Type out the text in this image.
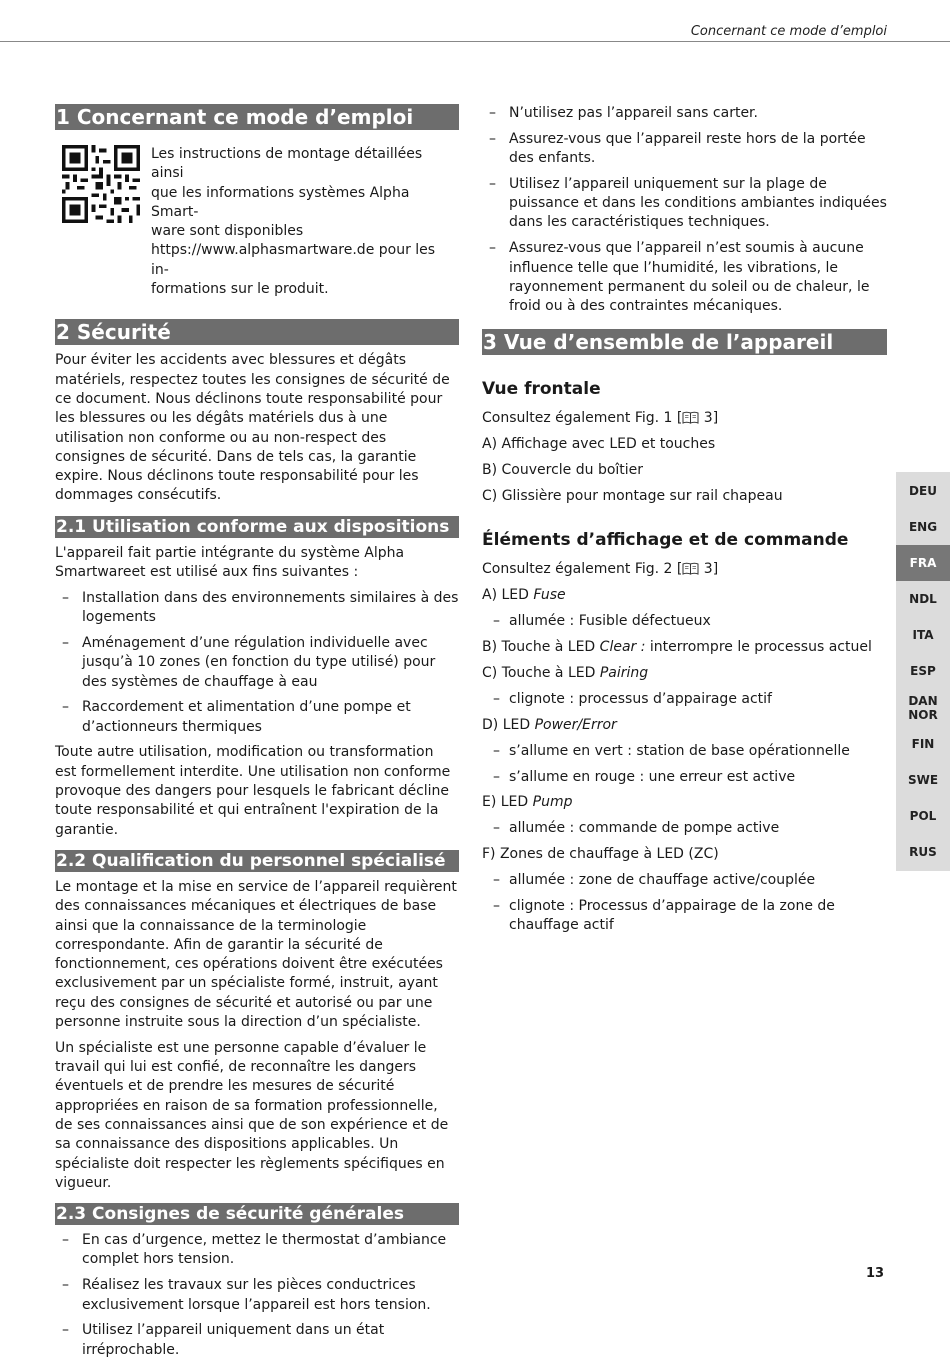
Concernant ce mode d’emploi
1 Concernant ce mode d’emploi
Les instructions de montage détaillées ainsi
que les informations systèmes Alpha Smart-
ware sont disponibles
https://www.alphasmartware.de pour les in-
formations sur le produit.
2 Sécurité

Pour éviter les accidents avec blessures et dégâts matériels, respectez toutes les consignes de sécurité de ce document. Nous déclinons toute responsabilité pour les blessures ou les dégâts matériels dus à une utilisation non conforme ou au non-respect des consignes de sécurité. Dans de tels cas, la garantie expire. Nous déclinons toute responsabilité pour les dommages consécutifs.

2.1 Utilisation conforme aux dispositions

L'appareil fait partie intégrante du système Alpha Smartwareet est utilisé aux fins suivantes :

– Installation dans des environnements similaires à des logements
– Aménagement d’une régulation individuelle avec jusqu’à 10 zones (en fonction du type utilisé) pour des systèmes de chauffage à eau
– Raccordement et alimentation d’une pompe et d’actionneurs thermiques

Toute autre utilisation, modification ou transformation est formellement interdite. Une utilisation non conforme provoque des dangers pour lesquels le fabricant décline toute responsabilité et qui entraînent l'expiration de la garantie.

2.2 Qualification du personnel spécialisé

Le montage et la mise en service de l’appareil requièrent des connaissances mécaniques et électriques de base ainsi que la connaissance de la terminologie correspondante. Afin de garantir la sécurité de fonctionnement, ces opérations doivent être exécutées exclusivement par un spécialiste formé, instruit, ayant reçu des consignes de sécurité et autorisé ou par une personne instruite sous la direction d’un spécialiste.

Un spécialiste est une personne capable d’évaluer le travail qui lui est confié, de reconnaître les dangers éventuels et de prendre les mesures de sécurité appropriées en raison de sa formation professionnelle, de ses connaissances ainsi que de son expérience et de sa connaissance des dispositions applicables. Un spécialiste doit respecter les règlements spécifiques en vigueur.

2.3 Consignes de sécurité générales
– En cas d’urgence, mettez le thermostat d’ambiance complet hors tension.
– Réalisez les travaux sur les pièces conductrices exclusivement lorsque l’appareil est hors tension.
– Utilisez l’appareil uniquement dans un état irréprochable.
– N’utilisez pas l’appareil sans carter.
– Assurez-vous que l’appareil reste hors de la portée des enfants.
– Utilisez l’appareil uniquement sur la plage de puissance et dans les conditions ambiantes indiquées dans les caractéristiques techniques.
– Assurez-vous que l’appareil n’est soumis à aucune influence telle que l’humidité, les vibrations, le rayonnement permanent du soleil ou de chaleur, le froid ou à des contraintes mécaniques.
3 Vue d’ensemble de l’appareil
Vue frontale
Consultez également Fig. 1 [ 3]
A) Affichage avec LED et touches
B) Couvercle du boîtier
C) Glissière pour montage sur rail chapeau
Éléments d’affichage et de commande
Consultez également Fig. 2 [ 3]
A) LED Fuse
– allumée : Fusible défectueux
B) Touche à LED Clear : interrompre le processus actuel
C) Touche à LED Pairing
– clignote : processus d’appairage actif
D) LED Power/Error
– s’allume en vert : station de base opérationnelle
– s’allume en rouge : une erreur est active
E) LED Pump
– allumée : commande de pompe active
F) Zones de chauffage à LED (ZC)
– allumée : zone de chauffage active/couplée
– clignote : Processus d’appairage de la zone de chauffage actif
DEU
ENG
FRA
NDL
ITA
ESP
DAN NOR
FIN
SWE
POL
RUS
13
